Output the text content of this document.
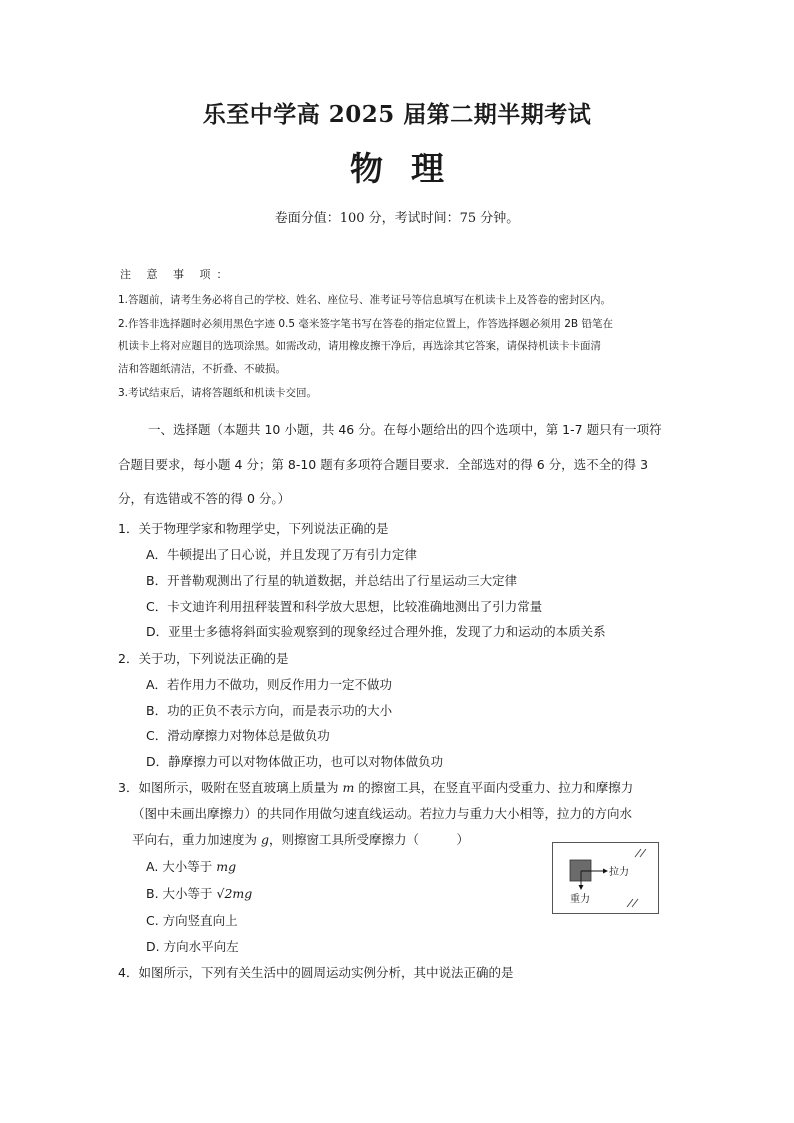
乐至中学高 2025 届第二期半期考试
物理
卷面分值：100 分，考试时间：75 分钟。
注 意 事 项：
1.答题前，请考生务必将自己的学校、姓名、座位号、准考证号等信息填写在机读卡上及答卷的密封区内。
2.作答非选择题时必须用黑色字迹 0.5 毫米签字笔书写在答卷的指定位置上，作答选择题必须用 2B 铅笔在
机读卡上将对应题目的选项涂黑。如需改动，请用橡皮擦干净后，再选涂其它答案，请保持机读卡卡面清
洁和答题纸清洁，不折叠、不破损。
3.考试结束后，请将答题纸和机读卡交回。
一、选择题（本题共 10 小题，共 46 分。在每小题给出的四个选项中，第 1-7 题只有一项符
合题目要求，每小题 4 分；第 8-10 题有多项符合题目要求．全部选对的得 6 分，选不全的得 3
分，有选错或不答的得 0 分。）
1．关于物理学家和物理学史，下列说法正确的是
A．牛顿提出了日心说，并且发现了万有引力定律
B．开普勒观测出了行星的轨道数据，并总结出了行星运动三大定律
C．卡文迪许利用扭秤装置和科学放大思想，比较准确地测出了引力常量
D．亚里士多德将斜面实验观察到的现象经过合理外推，发现了力和运动的本质关系
2．关于功，下列说法正确的是
A．若作用力不做功，则反作用力一定不做功
B．功的正负不表示方向，而是表示功的大小
C．滑动摩擦力对物体总是做负功
D．静摩擦力可以对物体做正功，也可以对物体做负功
3．如图所示，吸附在竖直玻璃上质量为 m 的擦窗工具，在竖直平面内受重力、拉力和摩擦力
（图中未画出摩擦力）的共同作用做匀速直线运动。若拉力与重力大小相等，拉力的方向水
平向右，重力加速度为 g，则擦窗工具所受摩擦力（　　　）
A. 大小等于 mg
B. 大小等于 √2mg
C. 方向竖直向上
D. 方向水平向左
拉力
重力
4．如图所示，下列有关生活中的圆周运动实例分析，其中说法正确的是
